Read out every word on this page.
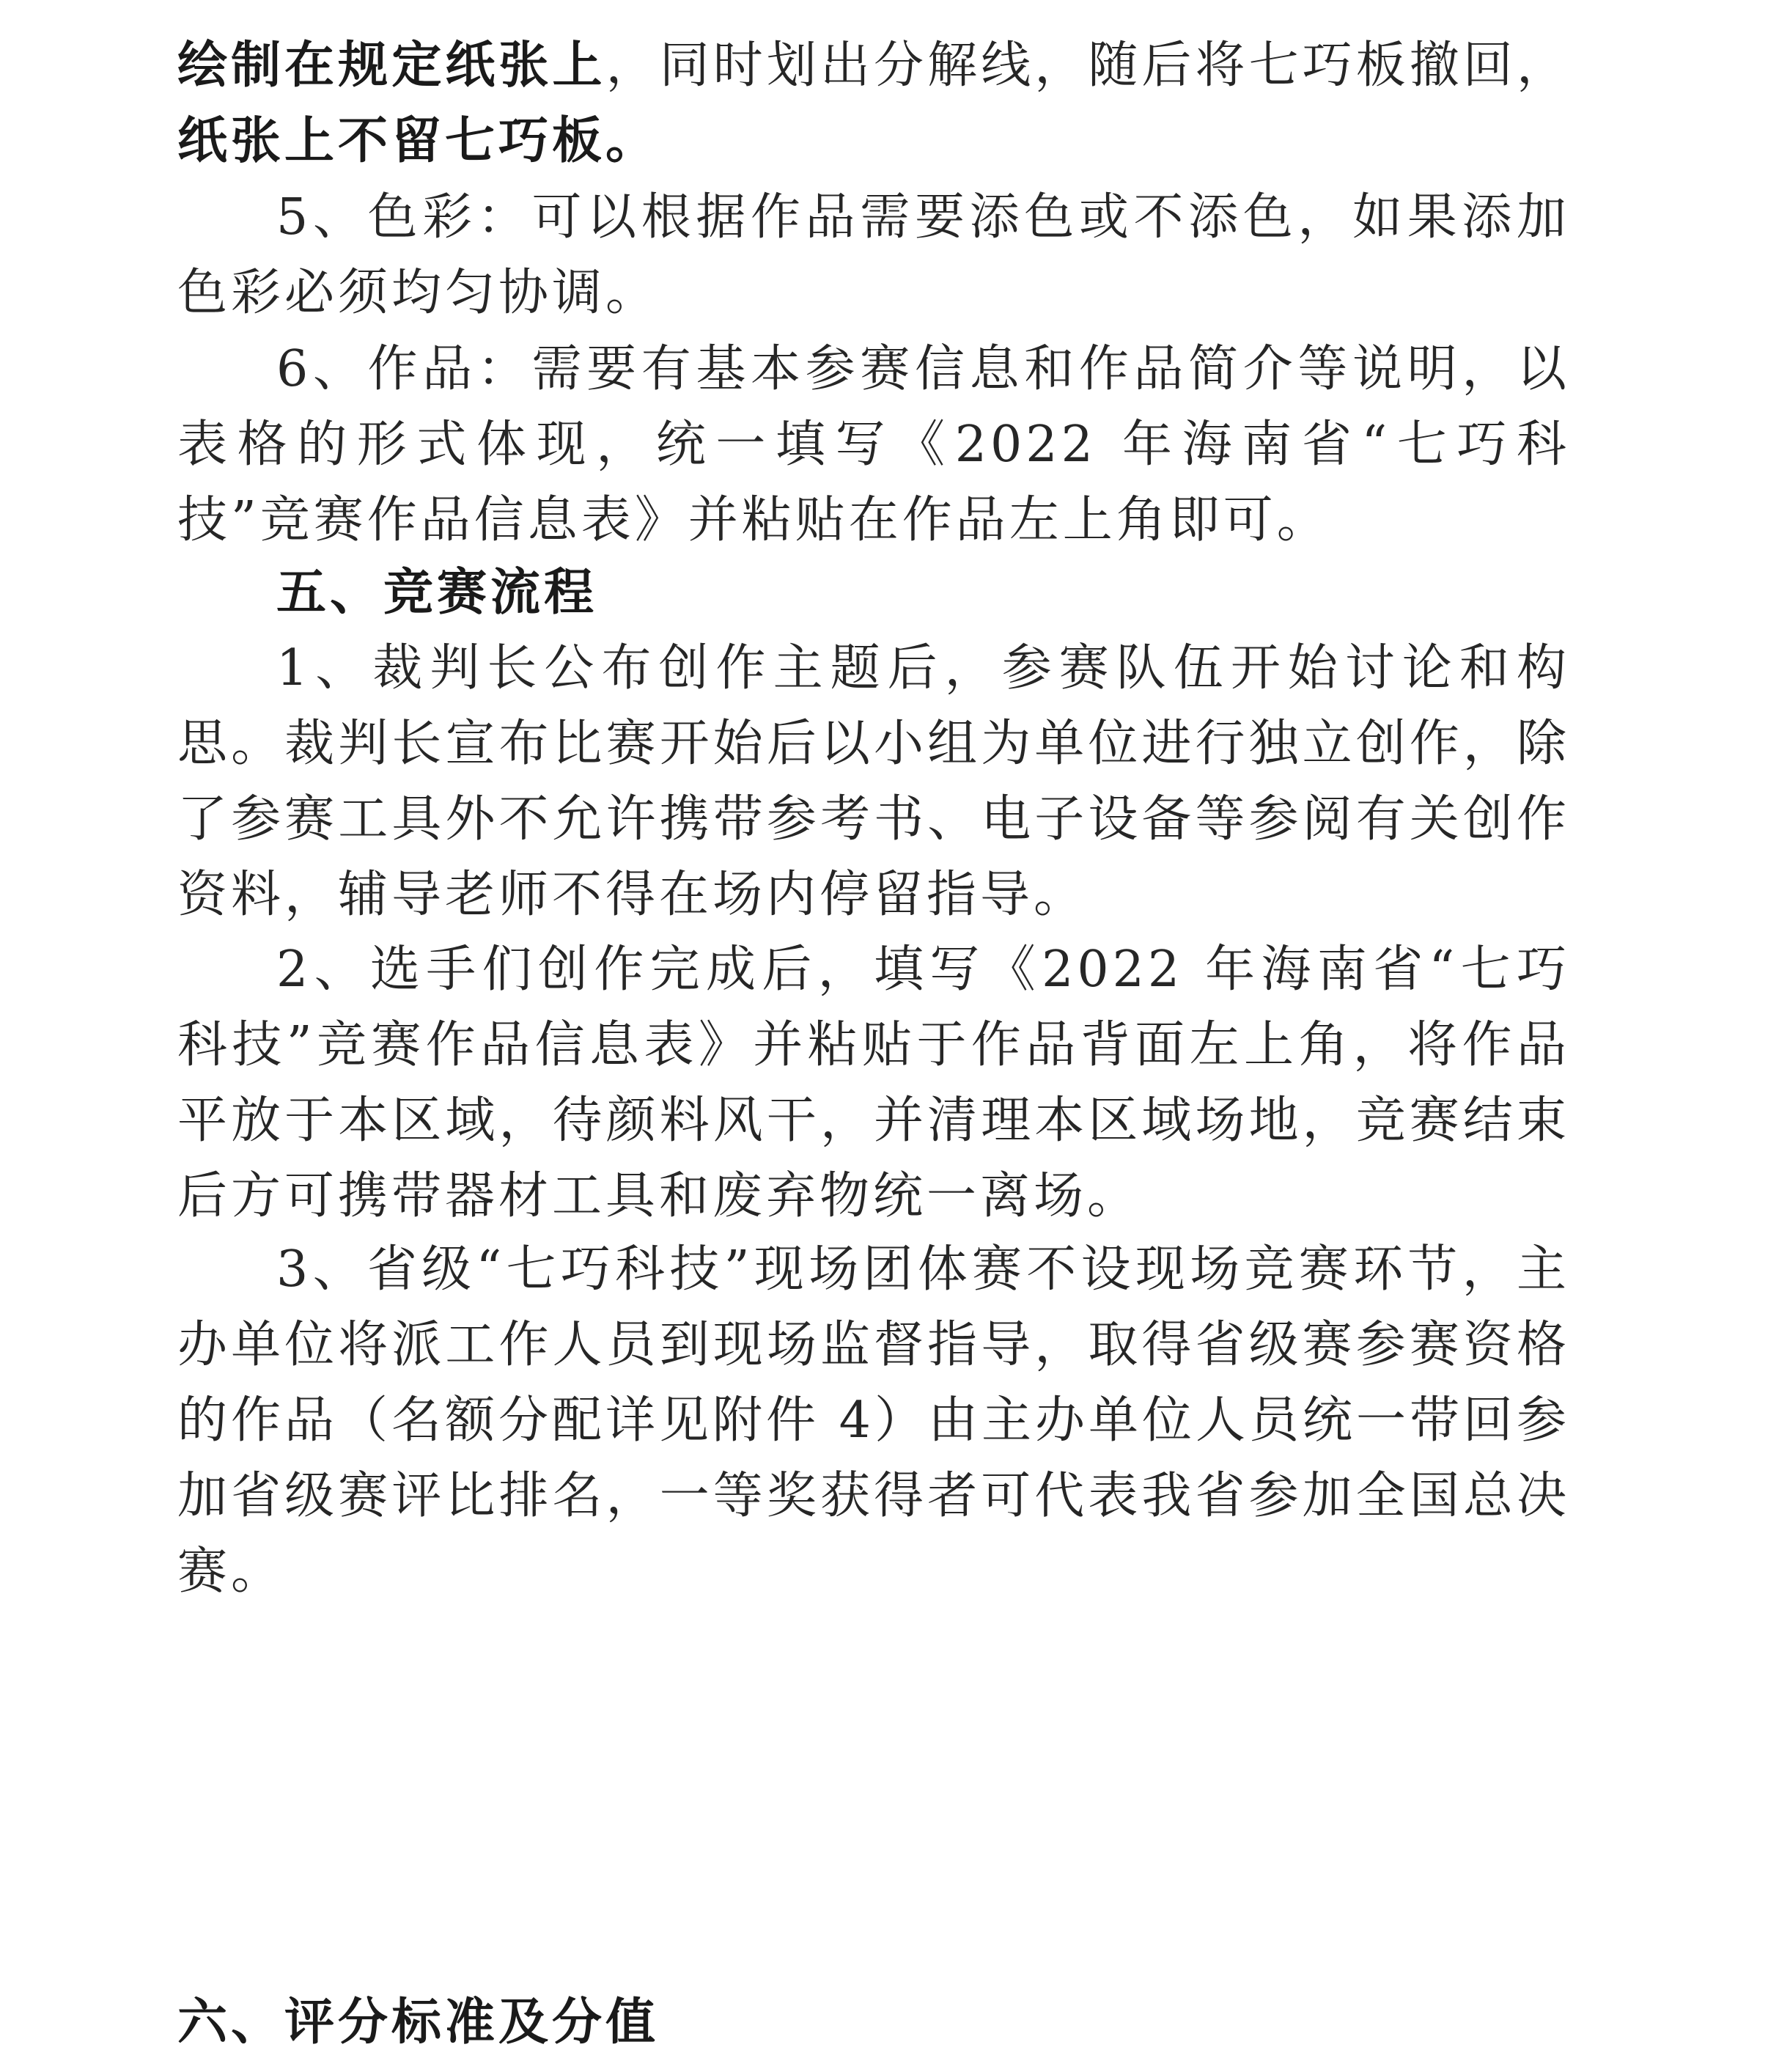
绘制在规定纸张上，同时划出分解线，随后将七巧板撤回，纸张上不留七巧板。

5、色彩：可以根据作品需要添色或不添色，如果添加色彩必须均匀协调。

6、作品：需要有基本参赛信息和作品简介等说明，以表格的形式体现，统一填写《2022 年海南省“七巧科技”竞赛作品信息表》并粘贴在作品左上角即可。

五、竞赛流程

1、裁判长公布创作主题后，参赛队伍开始讨论和构思。裁判长宣布比赛开始后以小组为单位进行独立创作，除了参赛工具外不允许携带参考书、电子设备等参阅有关创作资料，辅导老师不得在场内停留指导。

2、选手们创作完成后，填写《2022 年海南省“七巧科技”竞赛作品信息表》并粘贴于作品背面左上角，将作品平放于本区域，待颜料风干，并清理本区域场地，竞赛结束后方可携带器材工具和废弃物统一离场。

3、省级“七巧科技”现场团体赛不设现场竞赛环节，主办单位将派工作人员到现场监督指导，取得省级赛参赛资格的作品（名额分配详见附件 4）由主办单位人员统一带回参加省级赛评比排名，一等奖获得者可代表我省参加全国总决赛。

六、评分标准及分值
